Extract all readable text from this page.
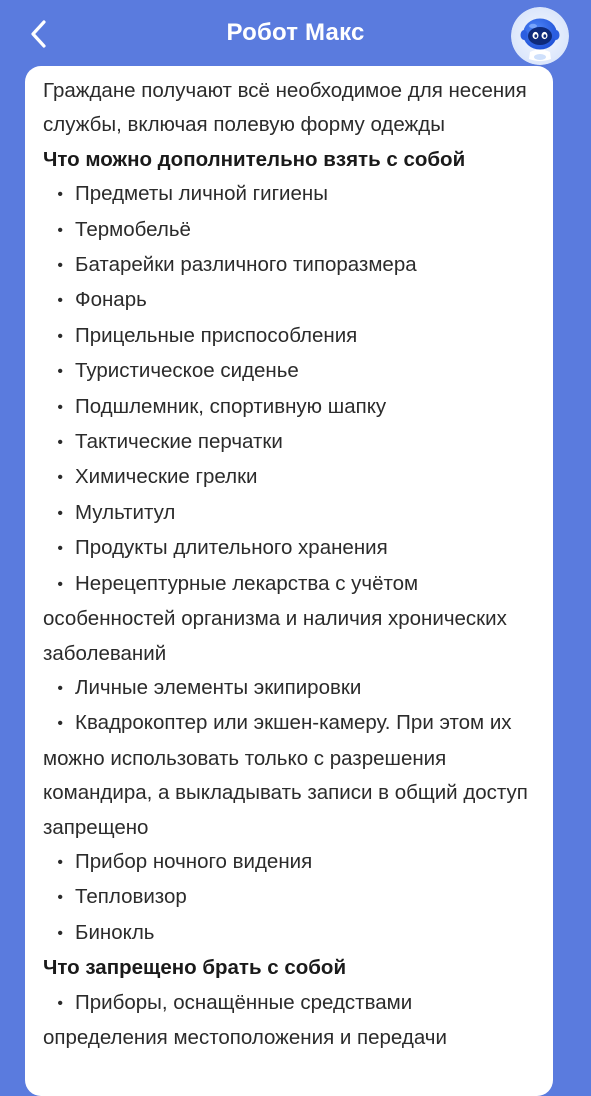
Робот Макс

Граждане получают всё необходимое для несения службы, включая полевую форму одежды

Что можно дополнительно взять с собой

• Предметы личной гигиены
• Термобельё
• Батарейки различного типоразмера
• Фонарь
• Прицельные приспособления
• Туристическое сиденье
• Подшлемник, спортивную шапку
• Тактические перчатки
• Химические грелки
• Мультитул
• Продукты длительного хранения
• Нерецептурные лекарства с учётом особенностей организма и наличия хронических заболеваний
• Личные элементы экипировки
• Квадрокоптер или экшен-камеру. При этом их можно использовать только с разрешения командира, а выкладывать записи в общий доступ запрещено
• Прибор ночного видения
• Тепловизор
• Бинокль

Что запрещено брать с собой

• Приборы, оснащённые средствами определения местоположения и передачи
